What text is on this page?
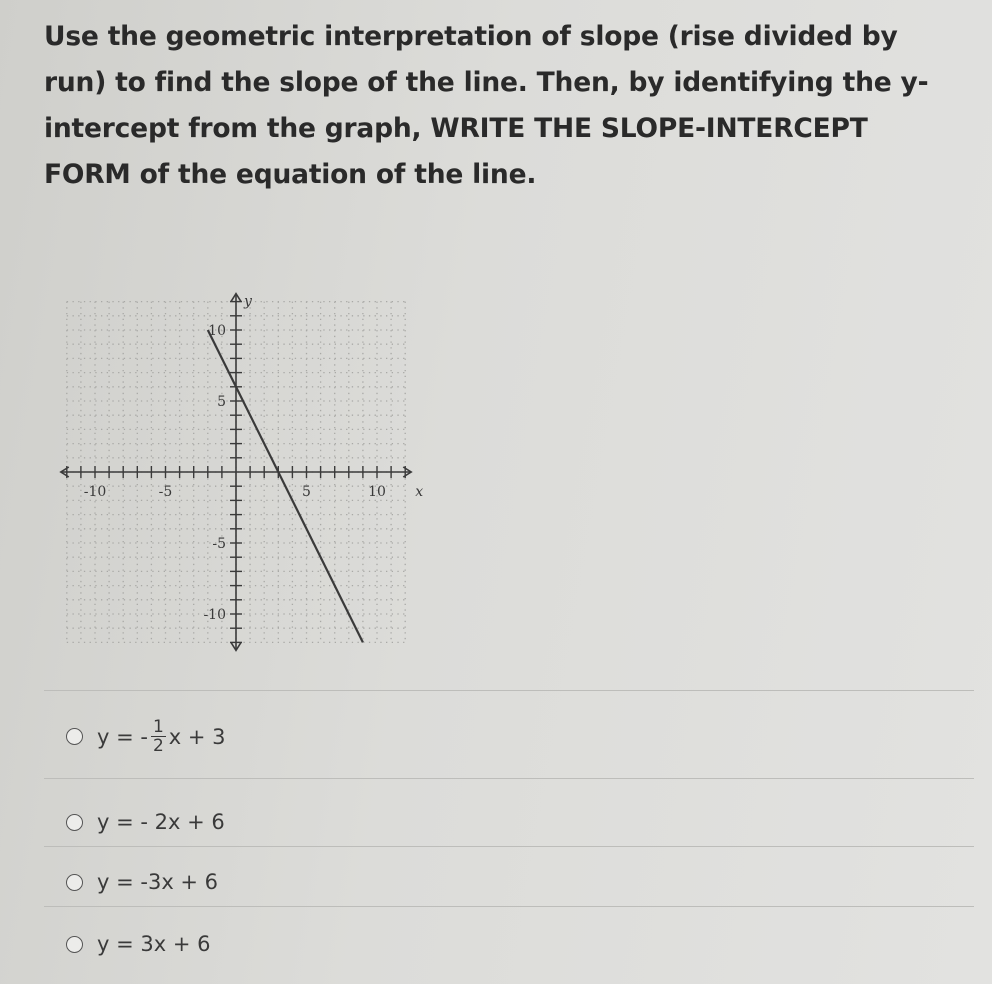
Use the geometric interpretation of slope (rise divided by run) to find the slope of the line. Then, by identifying the y-intercept from the graph, WRITE THE SLOPE-INTERCEPT FORM of the equation of the line.
-10	-5	5	10
10
5
-5
-10
x
y
y = - $\frac{1}{2}$ x + 3
y = - 2x + 6
y = -3x + 6
y = 3x + 6
